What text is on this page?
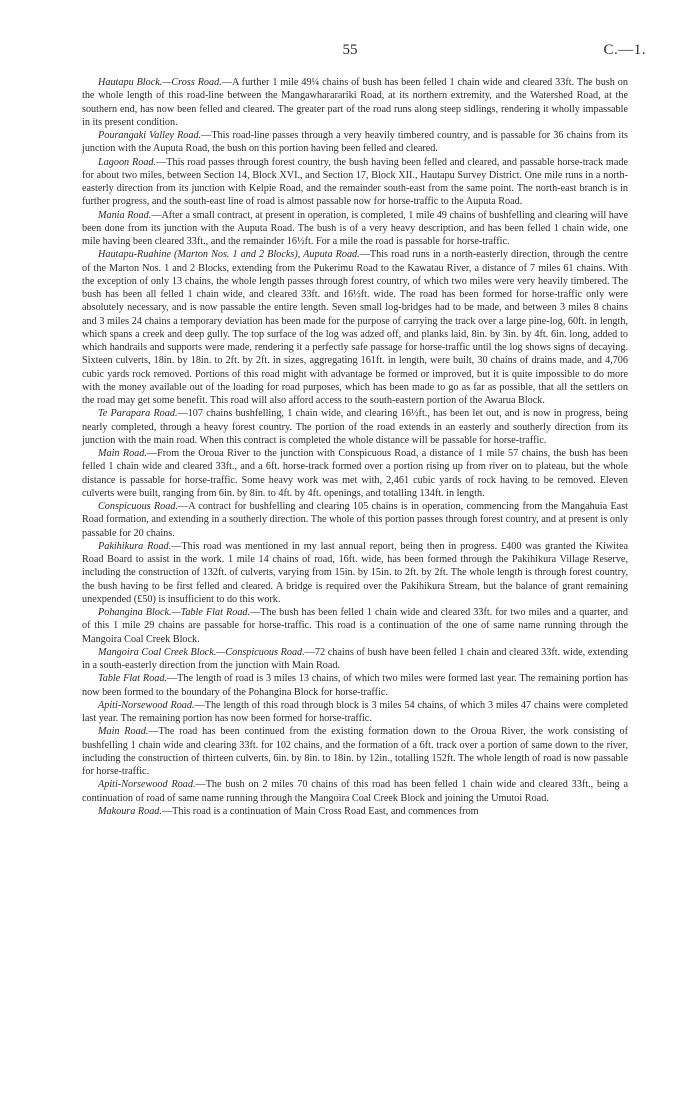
55	C.—1.

Hautapu Block.—Cross Road.—A further 1 mile 49¼ chains of bush has been felled 1 chain wide and cleared 33ft. The bush on the whole length of this road-line between the Mangawhararariki Road, at its northern extremity, and the Watershed Road, at the southern end, has now been felled and cleared. The greater part of the road runs along steep sidlings, rendering it wholly impassable in its present condition.

Pourangaki Valley Road.—This road-line passes through a very heavily timbered country, and is passable for 36 chains from its junction with the Auputa Road, the bush on this portion having been felled and cleared.

Lagoon Road.—This road passes through forest country, the bush having been felled and cleared, and passable horse-track made for about two miles, between Section 14, Block XVI., and Section 17, Block XII., Hautapu Survey District. One mile runs in a north-easterly direction from its junction with Kelpie Road, and the remainder south-east from the same point. The north-east branch is in further progress, and the south-east line of road is almost passable now for horse-traffic to the Auputa Road.

Mania Road.—After a small contract, at present in operation, is completed, 1 mile 49 chains of bushfelling and clearing will have been done from its junction with the Auputa Road. The bush is of a very heavy description, and has been felled 1 chain wide, one mile having been cleared 33ft., and the remainder 16½ft. For a mile the road is passable for horse-traffic.

Hautapu-Ruahine (Marton Nos. 1 and 2 Blocks), Auputa Road.—This road runs in a north-easterly direction, through the centre of the Marton Nos. 1 and 2 Blocks, extending from the Pukerimu Road to the Kawatau River, a distance of 7 miles 61 chains. With the exception of only 13 chains, the whole length passes through forest country, of which two miles were very heavily timbered. The bush has been all felled 1 chain wide, and cleared 33ft. and 16½ft. wide. The road has been formed for horse-traffic only were absolutely necessary, and is now passable the entire length. Seven small log-bridges had to be made, and between 3 miles 8 chains and 3 miles 24 chains a temporary deviation has been made for the purpose of carrying the track over a large pine-log, 60ft. in length, which spans a creek and deep gully. The top surface of the log was adzed off, and planks laid, 8in. by 3in. by 4ft. 6in. long, added to which handrails and supports were made, rendering it a perfectly safe passage for horse-traffic until the log shows signs of decaying. Sixteen culverts, 18in. by 18in. to 2ft. by 2ft. in sizes, aggregating 161ft. in length, were built, 30 chains of drains made, and 4,706 cubic yards rock removed. Portions of this road might with advantage be formed or improved, but it is quite impossible to do more with the money available out of the loading for road purposes, which has been made to go as far as possible, that all the settlers on the road may get some benefit. This road will also afford access to the south-eastern portion of the Awarua Block.

Te Parapara Road.—107 chains bushfelling, 1 chain wide, and clearing 16½ft., has been let out, and is now in progress, being nearly completed, through a heavy forest country. The portion of the road extends in an easterly and southerly direction from its junction with the main road. When this contract is completed the whole distance will be passable for horse-traffic.

Main Road.—From the Oroua River to the junction with Conspicuous Road, a distance of 1 mile 57 chains, the bush has been felled 1 chain wide and cleared 33ft., and a 6ft. horse-track formed over a portion rising up from river on to plateau, but the whole distance is passable for horse-traffic. Some heavy work was met with, 2,461 cubic yards of rock having to be removed. Eleven culverts were built, ranging from 6in. by 8in. to 4ft. by 4ft. openings, and totalling 134ft. in length.

Conspicuous Road.—A contract for bushfelling and clearing 105 chains is in operation, commencing from the Mangahuia East Road formation, and extending in a southerly direction. The whole of this portion passes through forest country, and at present is only passable for 20 chains.

Pakihikura Road.—This road was mentioned in my last annual report, being then in progress. £400 was granted the Kiwitea Road Board to assist in the work. 1 mile 14 chains of road, 16ft. wide, has been formed through the Pakihikura Village Reserve, including the construction of 132ft. of culverts, varying from 15in. by 15in. to 2ft. by 2ft. The whole length is through forest country, the bush having to be first felled and cleared. A bridge is required over the Pakihikura Stream, but the balance of grant remaining unexpended (£50) is insufficient to do this work.

Pohangina Block.—Table Flat Road.—The bush has been felled 1 chain wide and cleared 33ft. for two miles and a quarter, and of this 1 mile 29 chains are passable for horse-traffic. This road is a continuation of the one of same name running through the Mangoira Coal Creek Block.

Mangoira Coal Creek Block.—Conspicuous Road.—72 chains of bush have been felled 1 chain and cleared 33ft. wide, extending in a south-easterly direction from the junction with Main Road.

Table Flat Road.—The length of road is 3 miles 13 chains, of which two miles were formed last year. The remaining portion has now been formed to the boundary of the Pohangina Block for horse-traffic.

Apiti-Norsewood Road.—The length of this road through block is 3 miles 54 chains, of which 3 miles 47 chains were completed last year. The remaining portion has now been formed for horse-traffic.

Main Road.—The road has been continued from the existing formation down to the Oroua River, the work consisting of bushfelling 1 chain wide and clearing 33ft. for 102 chains, and the formation of a 6ft. track over a portion of same down to the river, including the construction of thirteen culverts, 6in. by 8in. to 18in. by 12in., totalling 152ft. The whole length of road is now passable for horse-traffic.

Apiti-Norsewood Road.—The bush on 2 miles 70 chains of this road has been felled 1 chain wide and cleared 33ft., being a continuation of road of same name running through the Mangoira Coal Creek Block and joining the Umutoi Road.

Makoura Road.—This road is a continuation of Main Cross Road East, and commences from
